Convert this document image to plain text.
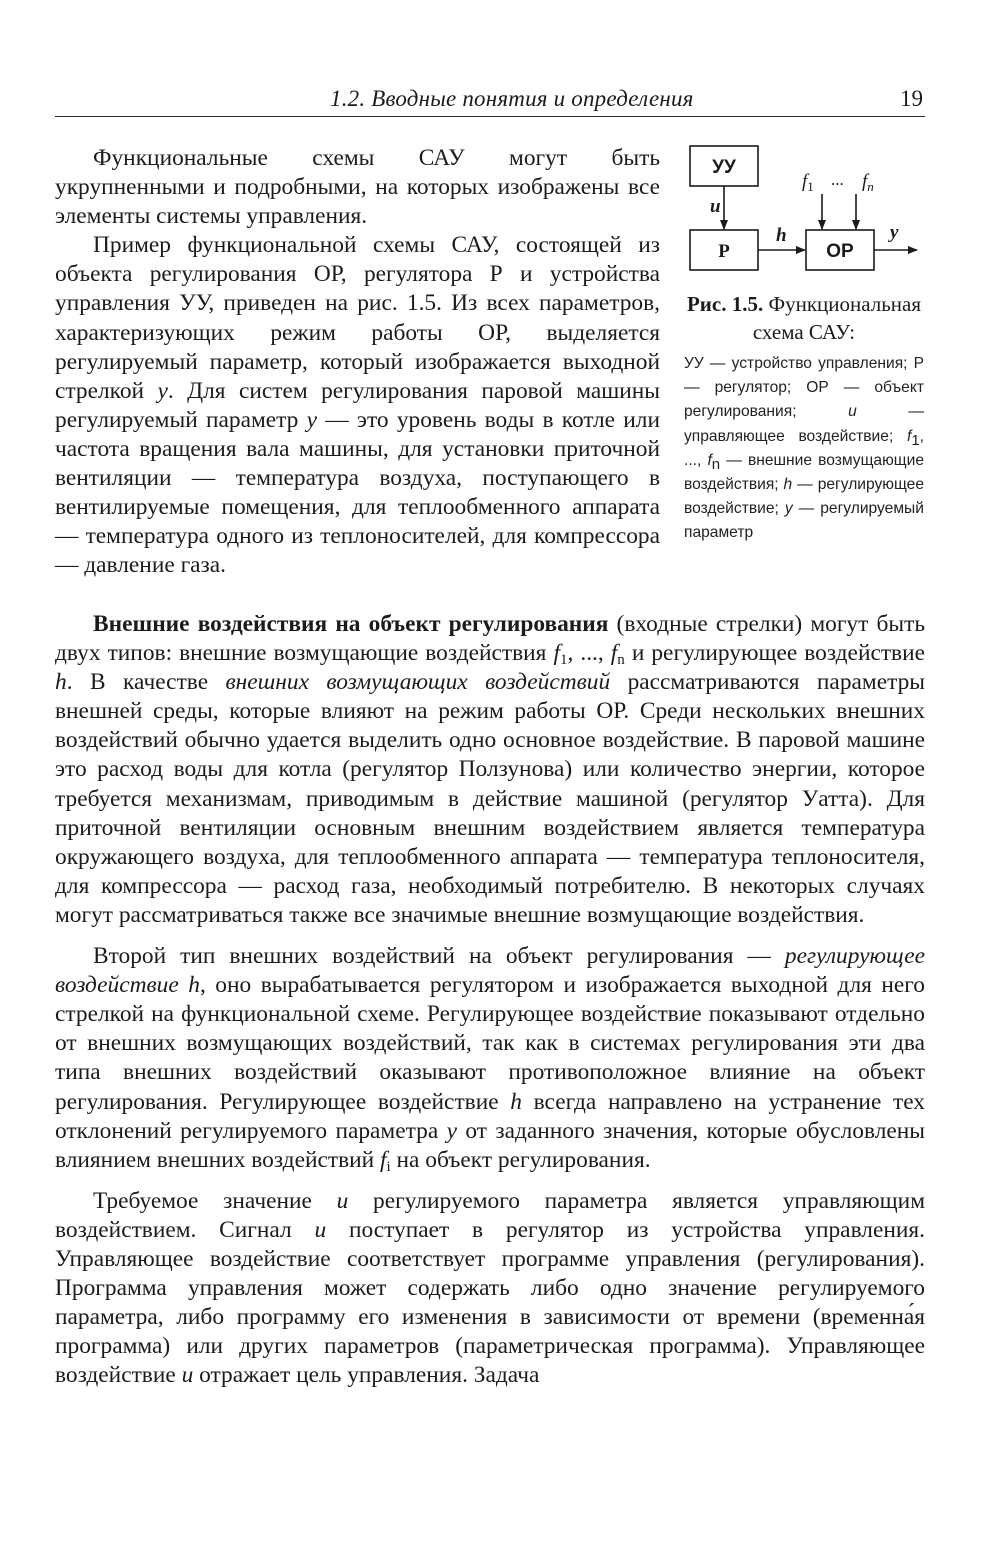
1.2. Вводные понятия и определения	19

Функциональные схемы САУ могут быть укрупненными и подробными, на которых изображены все элементы системы управления.

Пример функциональной схемы САУ, состоящей из объекта регулирования ОР, регулятора Р и устройства управления УУ, приведен на рис. 1.5. Из всех параметров, характеризующих режим работы ОР, выделяется регулируемый параметр, который изображается выходной стрелкой y. Для систем регулирования паровой машины регулируемый параметр y — это уровень воды в котле или частота вращения вала машины, для установки приточной вентиляции — температура воздуха, поступающего в вентилируемые помещения, для теплообменного аппарата — температура одного из теплоносителей, для компрессора — давление газа.

УУ
Р	ОР
u
h	y
$f_1$ ... $f_n$
Рис. 1.5. Функциональная схема САУ:
УУ — устройство управления; Р — регулятор; ОР — объект регулирования; u — управляющее воздействие; $f_1$, ..., $f_n$ — внешние возмущающие воздействия; h — регулирующее воздействие; y — регулируемый параметр

Внешние воздействия на объект регулирования (входные стрелки) могут быть двух типов: внешние возмущающие воздействия $f_1$, ..., $f_n$ и регулирующее воздействие h. В качестве внешних возмущающих воздействий рассматриваются параметры внешней среды, которые влияют на режим работы ОР. Среди нескольких внешних воздействий обычно удается выделить одно основное воздействие. В паровой машине это расход воды для котла (регулятор Ползунова) или количество энергии, которое требуется механизмам, приводимым в действие машиной (регулятор Уатта). Для приточной вентиляции основным внешним воздействием является температура окружающего воздуха, для теплообменного аппарата — температура теплоносителя, для компрессора — расход газа, необходимый потребителю. В некоторых случаях могут рассматриваться также все значимые внешние возмущающие воздействия.

Второй тип внешних воздействий на объект регулирования — регулирующее воздействие h, оно вырабатывается регулятором и изображается выходной для него стрелкой на функциональной схеме. Регулирующее воздействие показывают отдельно от внешних возмущающих воздействий, так как в системах регулирования эти два типа внешних воздействий оказывают противоположное влияние на объект регулирования. Регулирующее воздействие h всегда направлено на устранение тех отклонений регулируемого параметра y от заданного значения, которые обусловлены влиянием внешних воздействий $f_i$ на объект регулирования.

Требуемое значение u регулируемого параметра является управляющим воздействием. Сигнал u поступает в регулятор из устройства управления. Управляющее воздействие соответствует программе управления (регулирования). Программа управления может содержать либо одно значение регулируемого параметра, либо программу его изменения в зависимости от времени (временна́я программа) или других параметров (параметрическая программа). Управляющее воздействие u отражает цель управления. Задача
